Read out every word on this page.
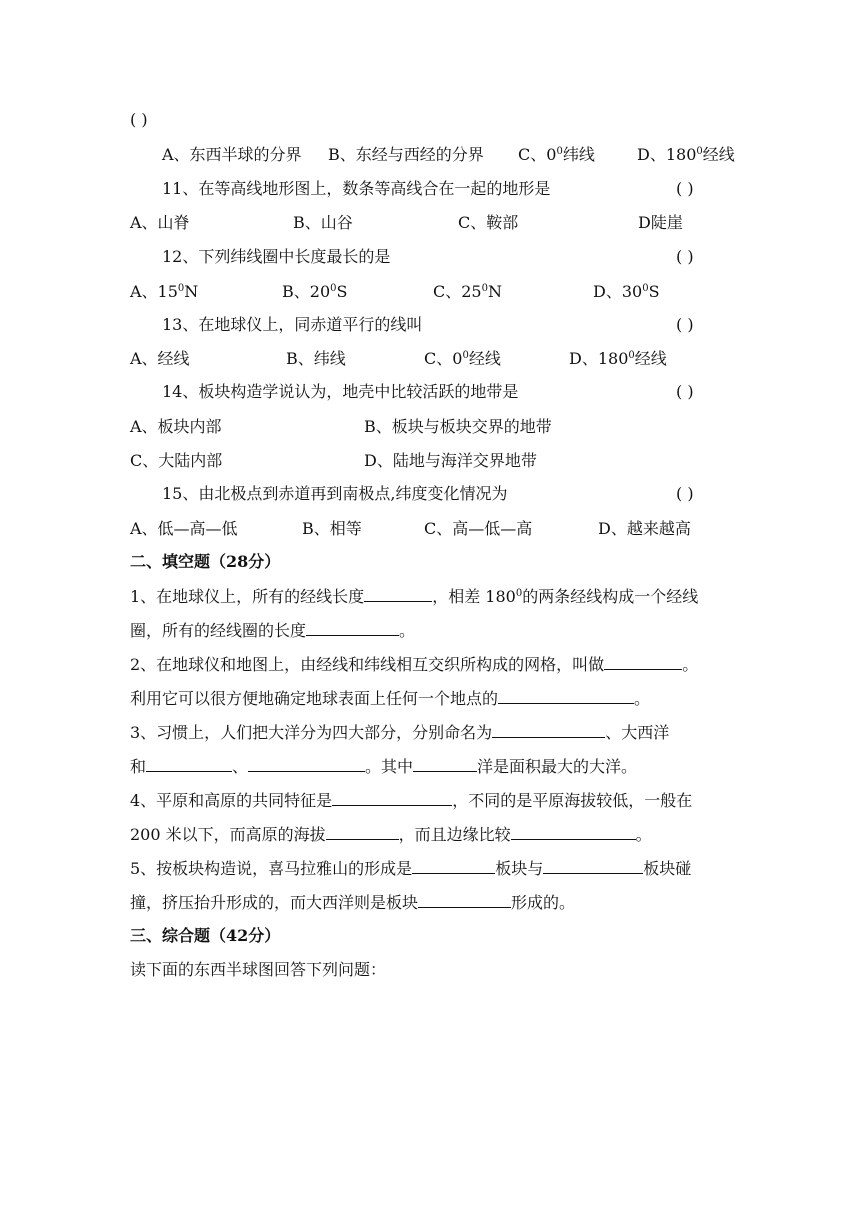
( )
A、东西半球的分界 B、东经与西经的分界 C、$0^0$纬线	D、$180^0$经线
11、在等高线地形图上，数条等高线合在一起的地形是	( )
A、山脊	B、山谷	C、鞍部	D陡崖
12、下列纬线圈中长度最长的是	( )
A、$15^0N$	B、$20^0S$	C、$25^0N$	D、$30^0S$
13、在地球仪上，同赤道平行的线叫	( )
A、经线	B、纬线	C、$0^0$经线	D、$180^0$经线
14、板块构造学说认为，地壳中比较活跃的地带是	( )
A、板块内部	B、板块与板块交界的地带
C、大陆内部	D、陆地与海洋交界地带
15、由北极点到赤道再到南极点,纬度变化情况为	( )
A、低—高—低	B、相等	C、高—低—高	D、越来越高
二、填空题（28分）
1、在地球仪上，所有的经线长度	，相差 $180^0$的两条经线构成一个经线
圈，所有的经线圈的长度	。
2、在地球仪和地图上，由经线和纬线相互交织所构成的网格，叫做	。
利用它可以很方便地确定地球表面上任何一个地点的	。
3、习惯上，人们把大洋分为四大部分，分别命名为	、大西洋
和	、	。其中	洋是面积最大的大洋。
4、平原和高原的共同特征是	，不同的是平原海拔较低，一般在
200 米以下，而高原的海拔	，而且边缘比较	。
5、按板块构造说，喜马拉雅山的形成是	板块与	板块碰
撞，挤压抬升形成的，而大西洋则是板块	形成的。
三、综合题（42分）
读下面的东西半球图回答下列问题：
